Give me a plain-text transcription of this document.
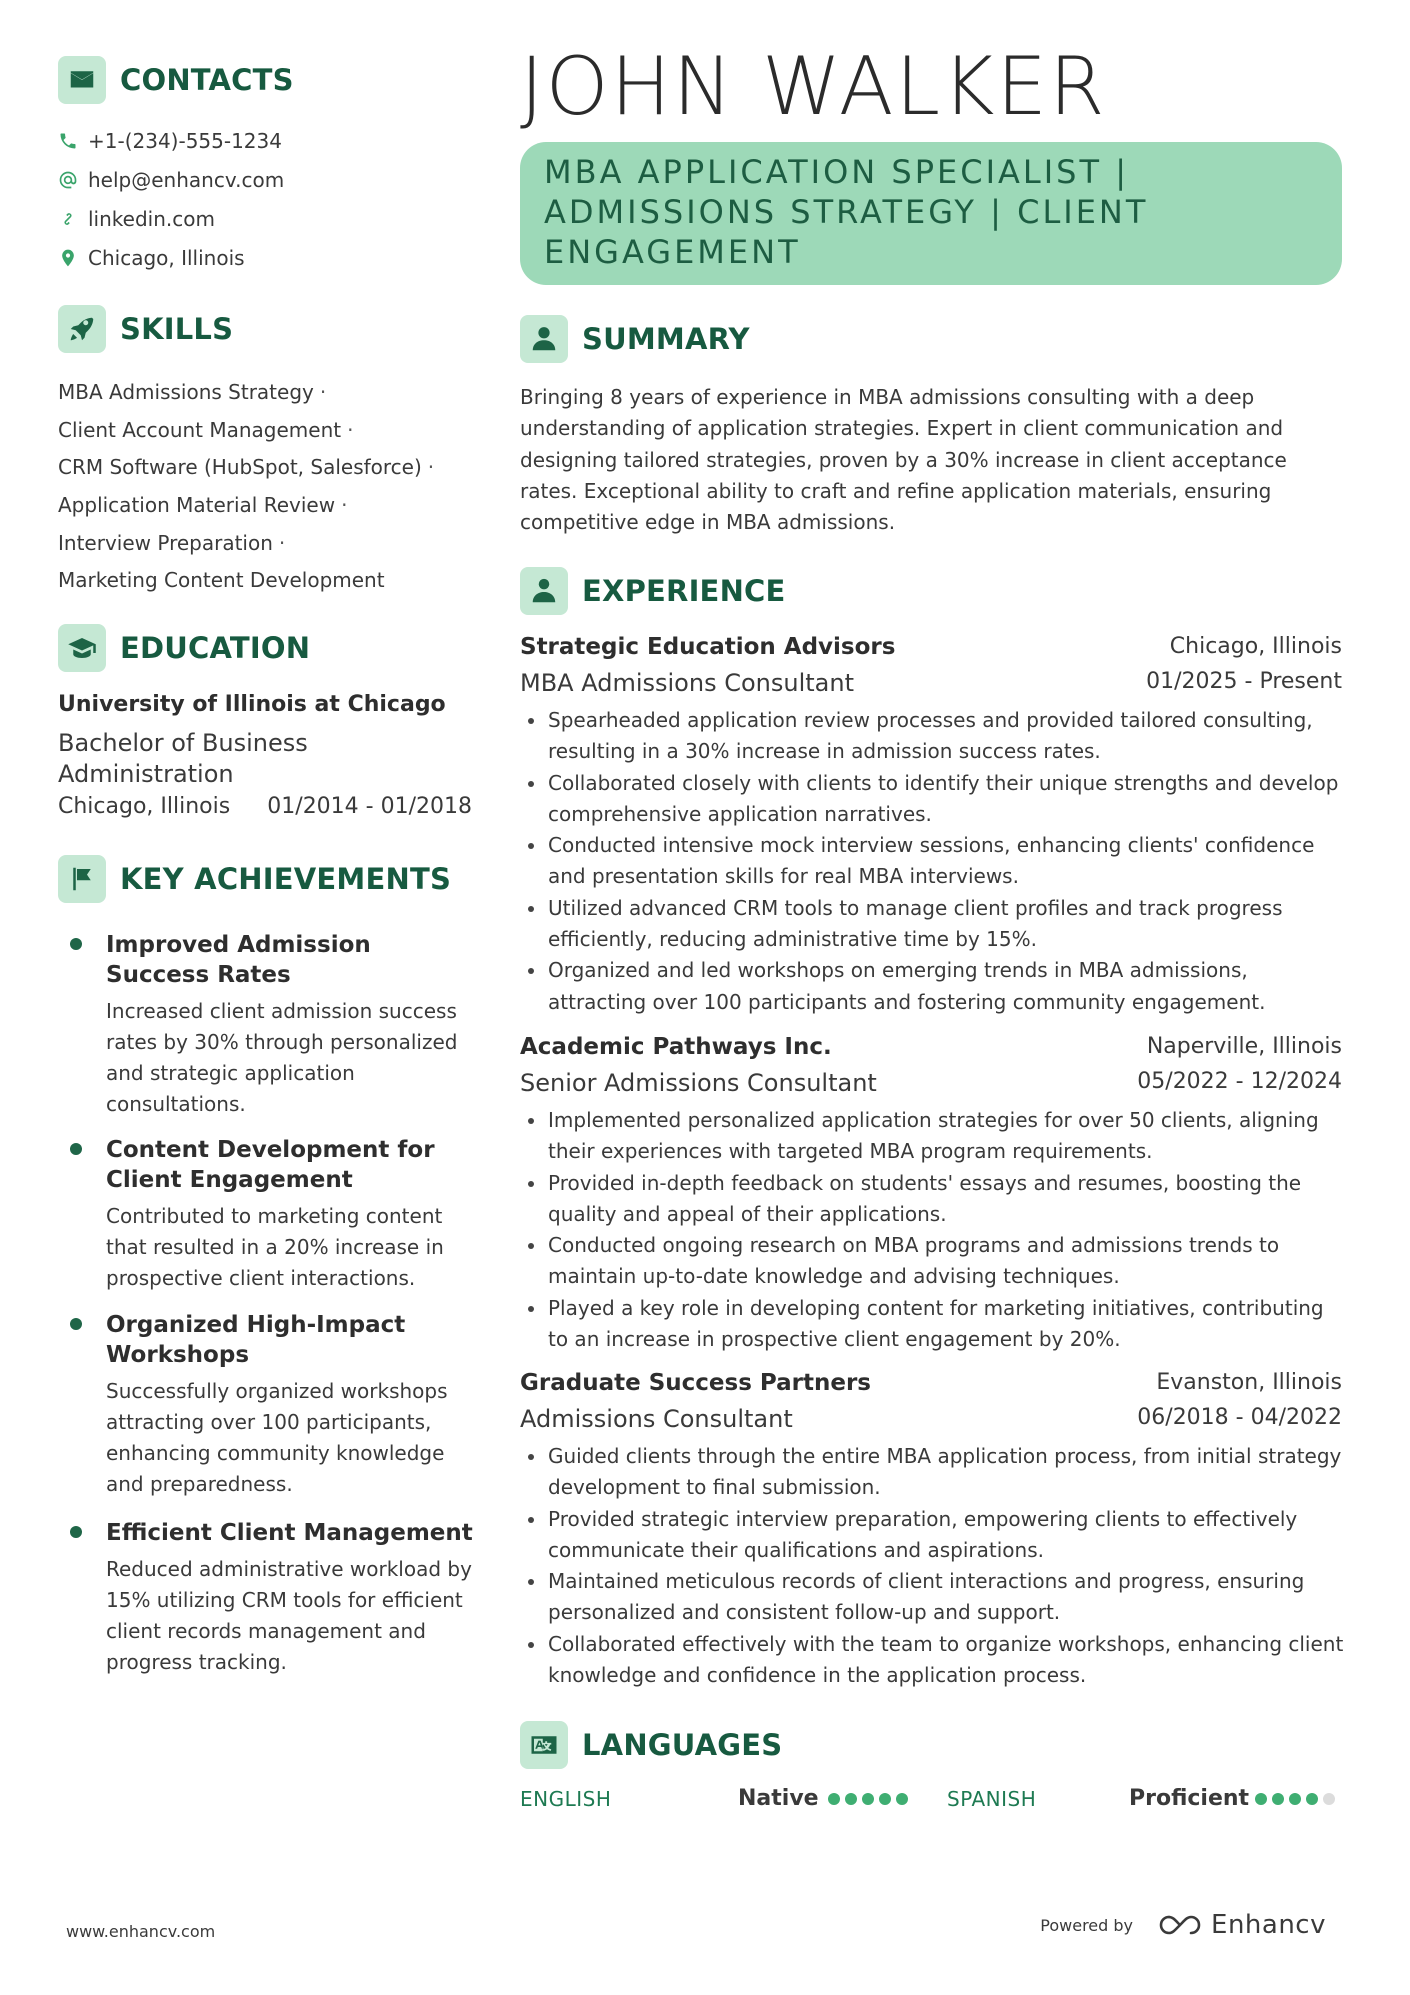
CONTACTS
+1-(234)-555-1234
help@enhancv.com
linkedin.com
Chicago, Illinois
SKILLS
MBA Admissions Strategy ·
Client Account Management ·
CRM Software (HubSpot, Salesforce) ·
Application Material Review ·
Interview Preparation ·
Marketing Content Development
EDUCATION
University of Illinois at Chicago
Bachelor of Business Administration
Chicago, Illinois 01/2014 - 01/2018
KEY ACHIEVEMENTS
Improved Admission Success Rates
Increased client admission success rates by 30% through personalized and strategic application consultations.
Content Development for Client Engagement
Contributed to marketing content that resulted in a 20% increase in prospective client interactions.
Organized High-Impact Workshops
Successfully organized workshops attracting over 100 participants, enhancing community knowledge and preparedness.
Efficient Client Management
Reduced administrative workload by 15% utilizing CRM tools for efficient client records management and progress tracking.
JOHN WALKER
MBA APPLICATION SPECIALIST |
ADMISSIONS STRATEGY | CLIENT
ENGAGEMENT
SUMMARY
Bringing 8 years of experience in MBA admissions consulting with a deep understanding of application strategies. Expert in client communication and designing tailored strategies, proven by a 30% increase in client acceptance rates. Exceptional ability to craft and refine application materials, ensuring competitive edge in MBA admissions.
EXPERIENCE
Strategic Education Advisors	Chicago, Illinois
MBA Admissions Consultant	01/2025 - Present
Spearheaded application review processes and provided tailored consulting, resulting in a 30% increase in admission success rates.
Collaborated closely with clients to identify their unique strengths and develop comprehensive application narratives.
Conducted intensive mock interview sessions, enhancing clients' confidence and presentation skills for real MBA interviews.
Utilized advanced CRM tools to manage client profiles and track progress efficiently, reducing administrative time by 15%.
Organized and led workshops on emerging trends in MBA admissions, attracting over 100 participants and fostering community engagement.
Academic Pathways Inc.	Naperville, Illinois
Senior Admissions Consultant	05/2022 - 12/2024
Implemented personalized application strategies for over 50 clients, aligning their experiences with targeted MBA program requirements.
Provided in-depth feedback on students' essays and resumes, boosting the quality and appeal of their applications.
Conducted ongoing research on MBA programs and admissions trends to maintain up-to-date knowledge and advising techniques.
Played a key role in developing content for marketing initiatives, contributing to an increase in prospective client engagement by 20%.
Graduate Success Partners	Evanston, Illinois
Admissions Consultant	06/2018 - 04/2022
Guided clients through the entire MBA application process, from initial strategy development to final submission.
Provided strategic interview preparation, empowering clients to effectively communicate their qualifications and aspirations.
Maintained meticulous records of client interactions and progress, ensuring personalized and consistent follow-up and support.
Collaborated effectively with the team to organize workshops, enhancing client knowledge and confidence in the application process.
LANGUAGES
ENGLISH	Native	SPANISH	Proficient
www.enhancv.com	Powered by	Enhancv
